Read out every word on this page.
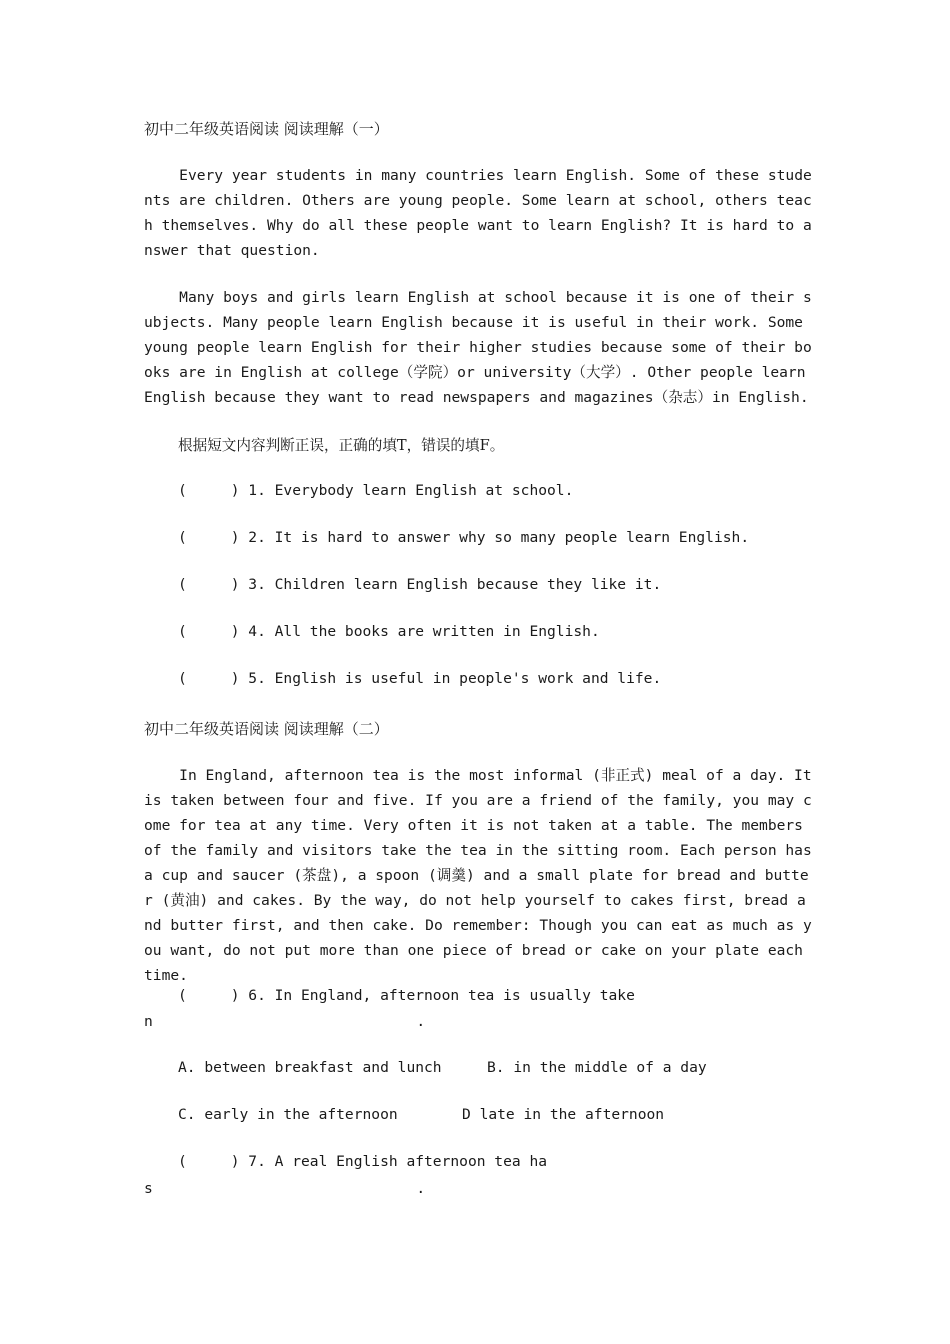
初中二年级英语阅读 阅读理解（一）
Every year students in many countries learn English. Some of these students are children. Others are young people. Some learn at school, others teach themselves. Why do all these people want to learn English? It is hard to answer that question.
Many boys and girls learn English at school because it is one of their subjects. Many people learn English because it is useful in their work. Some young people learn English for their higher studies because some of their books are in English at college（学院）or university（大学）. Other people learn English because they want to read newspapers and magazines（杂志）in English.
根据短文内容判断正误，正确的填T，错误的填F。
(     ) 1. Everybody learn English at school.
(     ) 2. It is hard to answer why so many people learn English.
(     ) 3. Children learn English because they like it.
(     ) 4. All the books are written in English.
(     ) 5. English is useful in people's work and life.
初中二年级英语阅读 阅读理解（二）
In England, afternoon tea is the most informal (非正式) meal of a day. It is taken between four and five. If you are a friend of the family, you may come for tea at any time. Very often it is not taken at a table. The members of the family and visitors take the tea in the sitting room. Each person has a cup and saucer (茶盘), a spoon (调羹) and a small plate for bread and butter (黄油) and cakes. By the way, do not help yourself to cakes first, bread and butter first, and then cake. Do remember: Though you can eat as much as you want, do not put more than one piece of bread or cake on your plate each time.
(     ) 6. In England, afternoon tea is usually take
n                              .
A. between breakfast and lunch	B. in the middle of a day
C. early in the afternoon	D late in the afternoon
(     ) 7. A real English afternoon tea ha
s                              .
